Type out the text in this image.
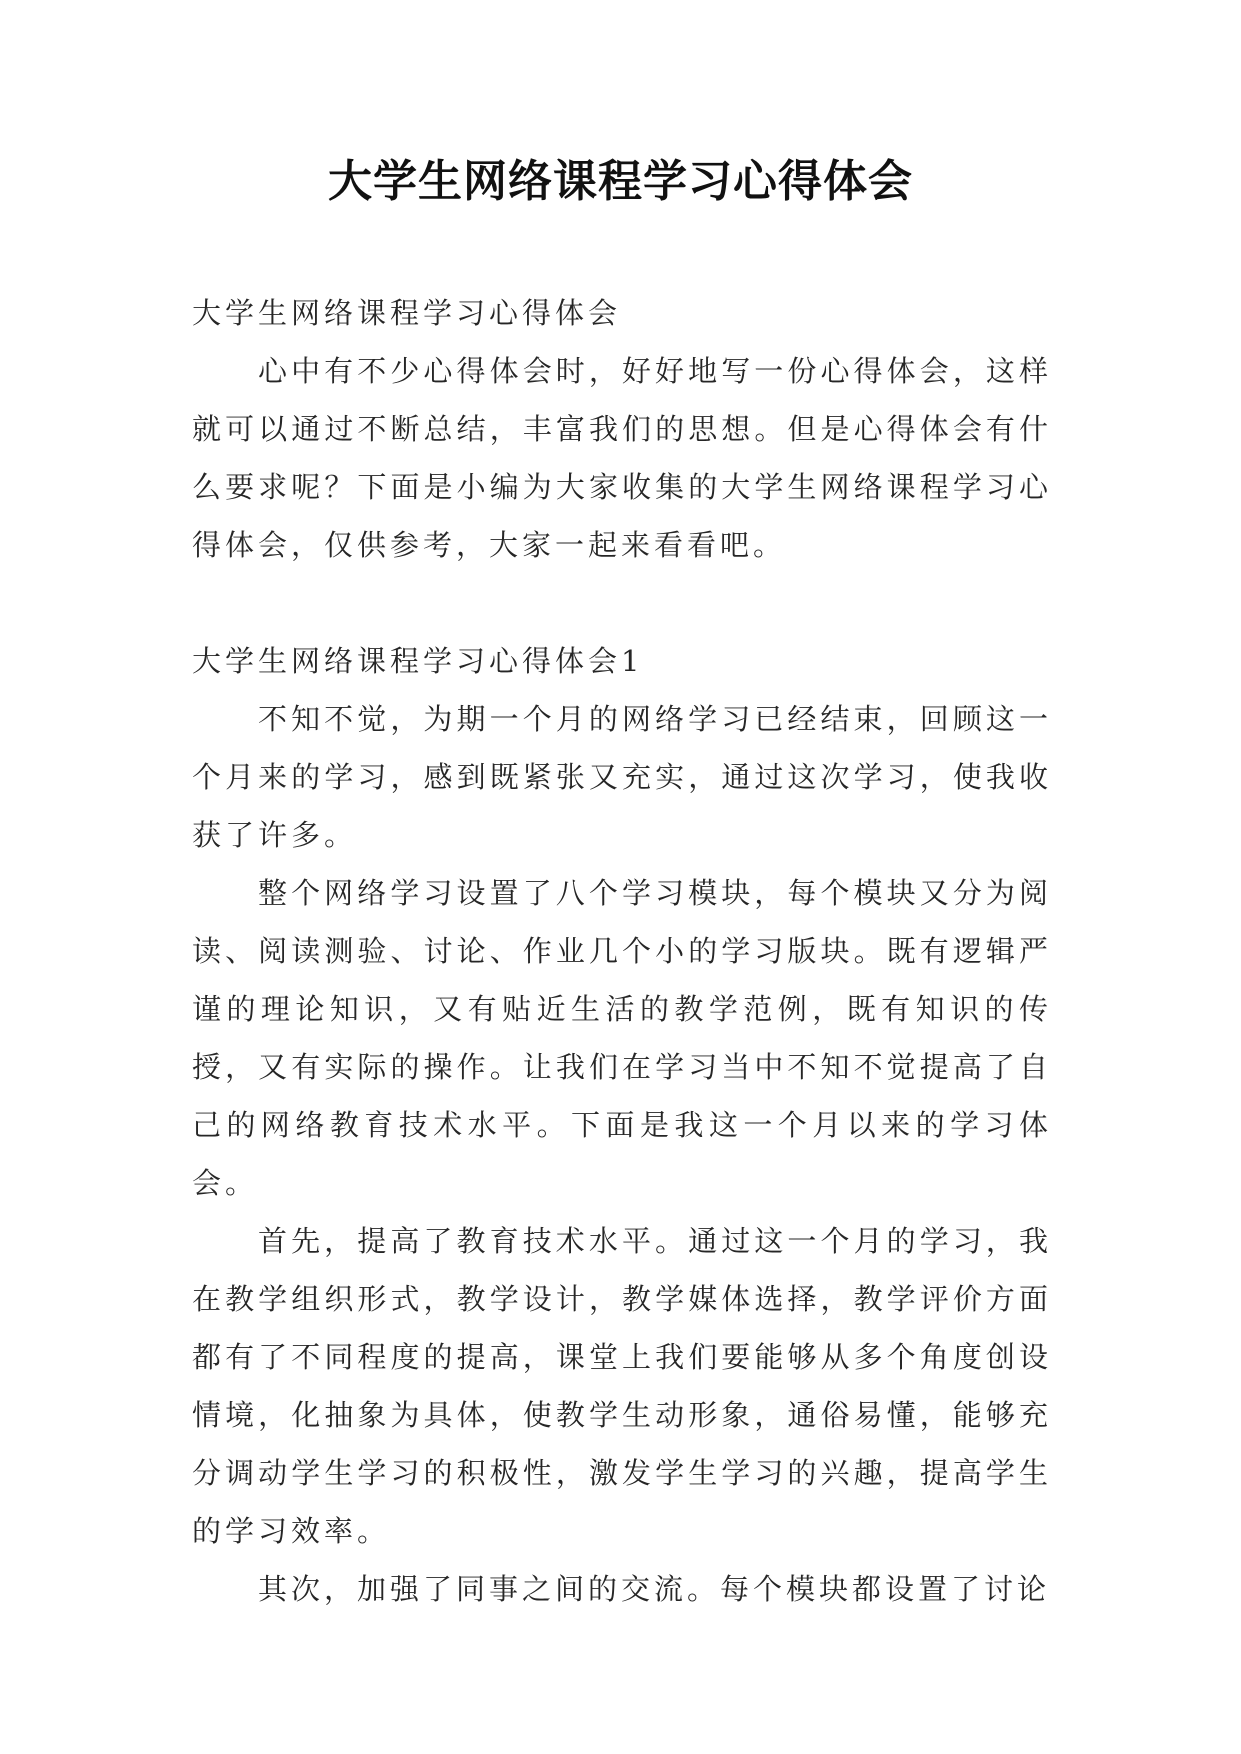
大学生网络课程学习心得体会

大学生网络课程学习心得体会

心中有不少心得体会时，好好地写一份心得体会，这样就可以通过不断总结，丰富我们的思想。但是心得体会有什么要求呢？下面是小编为大家收集的大学生网络课程学习心得体会，仅供参考，大家一起来看看吧。

大学生网络课程学习心得体会1

不知不觉，为期一个月的网络学习已经结束，回顾这一个月来的学习，感到既紧张又充实，通过这次学习，使我收获了许多。

整个网络学习设置了八个学习模块，每个模块又分为阅读、阅读测验、讨论、作业几个小的学习版块。既有逻辑严谨的理论知识，又有贴近生活的教学范例，既有知识的传授，又有实际的操作。让我们在学习当中不知不觉提高了自己的网络教育技术水平。下面是我这一个月以来的学习体会。

首先，提高了教育技术水平。通过这一个月的学习，我在教学组织形式，教学设计，教学媒体选择，教学评价方面都有了不同程度的提高，课堂上我们要能够从多个角度创设情境，化抽象为具体，使教学生动形象，通俗易懂，能够充分调动学生学习的积极性，激发学生学习的兴趣，提高学生的学习效率。

其次，加强了同事之间的交流。每个模块都设置了讨论
